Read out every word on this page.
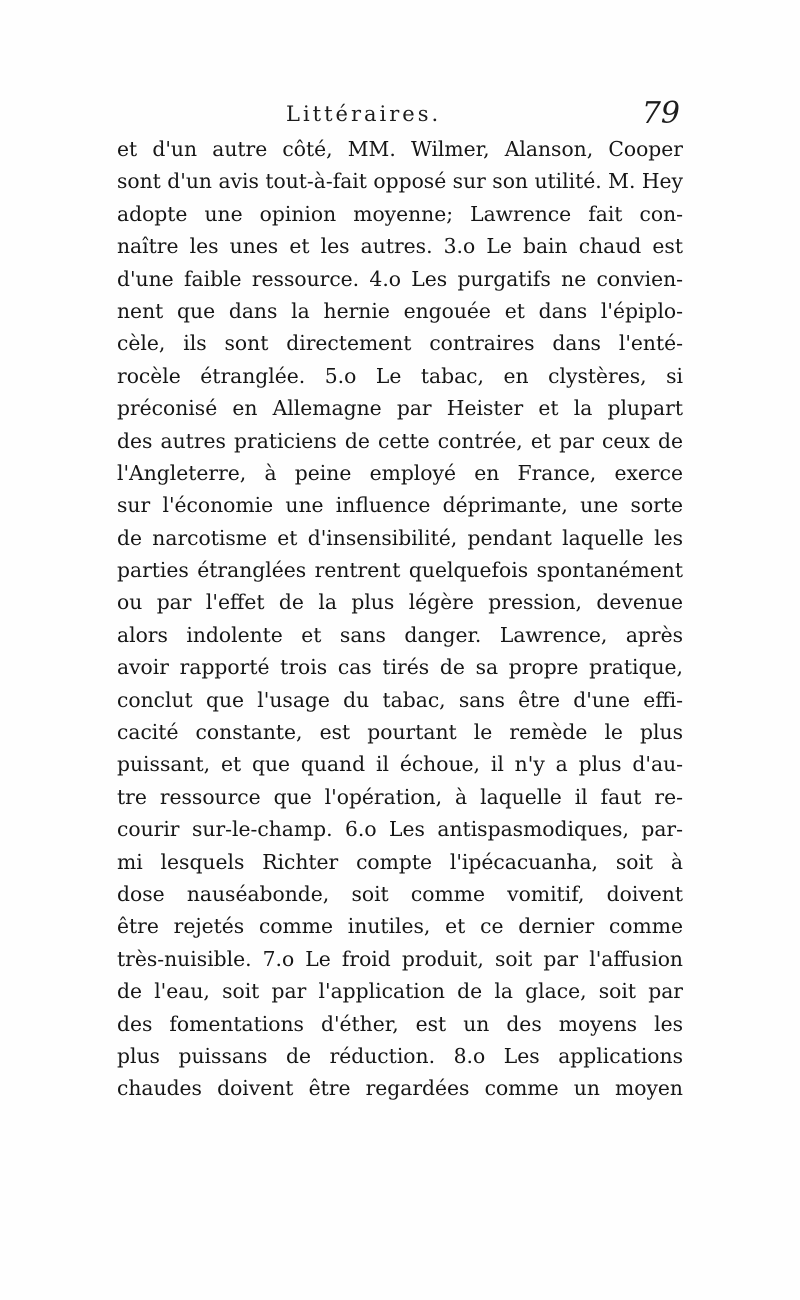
Littéraires.	79
et d'un autre côté, MM. Wilmer, Alanson, Cooper
sont d'un avis tout-à-fait opposé sur son utilité. M. Hey
adopte une opinion moyenne; Lawrence fait con-
naître les unes et les autres. 3.o Le bain chaud est
d'une faible ressource. 4.o Les purgatifs ne convien-
nent que dans la hernie engouée et dans l'épiplo-
cèle, ils sont directement contraires dans l'enté-
rocèle étranglée. 5.o Le tabac, en clystères, si
préconisé en Allemagne par Heister et la plupart
des autres praticiens de cette contrée, et par ceux de
l'Angleterre, à peine employé en France, exerce
sur l'économie une influence déprimante, une sorte
de narcotisme et d'insensibilité, pendant laquelle les
parties étranglées rentrent quelquefois spontanément
ou par l'effet de la plus légère pression, devenue
alors indolente et sans danger. Lawrence, après
avoir rapporté trois cas tirés de sa propre pratique,
conclut que l'usage du tabac, sans être d'une effi-
cacité constante, est pourtant le remède le plus
puissant, et que quand il échoue, il n'y a plus d'au-
tre ressource que l'opération, à laquelle il faut re-
courir sur-le-champ. 6.o Les antispasmodiques, par-
mi lesquels Richter compte l'ipécacuanha, soit à
dose nauséabonde, soit comme vomitif, doivent
être rejetés comme inutiles, et ce dernier comme
très-nuisible. 7.o Le froid produit, soit par l'affusion
de l'eau, soit par l'application de la glace, soit par
des fomentations d'éther, est un des moyens les
plus puissans de réduction. 8.o Les applications
chaudes doivent être regardées comme un moyen
